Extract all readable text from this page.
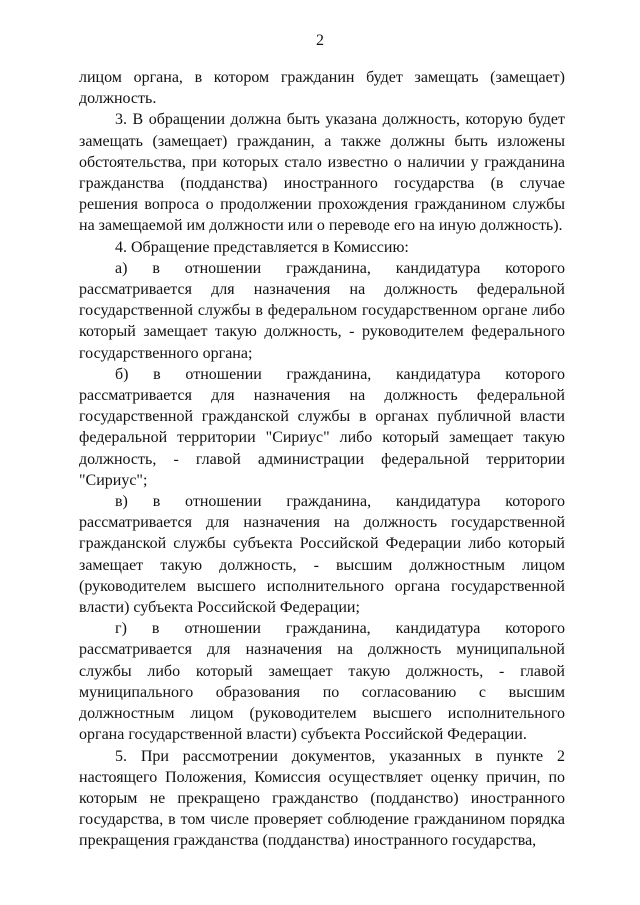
2

лицом органа, в котором гражданин будет замещать (замещает) должность.

3. В обращении должна быть указана должность, которую будет замещать (замещает) гражданин, а также должны быть изложены обстоятельства, при которых стало известно о наличии у гражданина гражданства (подданства) иностранного государства (в случае решения вопроса о продолжении прохождения гражданином службы на замещаемой им должности или о переводе его на иную должность).

4. Обращение представляется в Комиссию:

а) в отношении гражданина, кандидатура которого рассматривается для назначения на должность федеральной государственной службы в федеральном государственном органе либо который замещает такую должность, - руководителем федерального государственного органа;

б) в отношении гражданина, кандидатура которого рассматривается для назначения на должность федеральной государственной гражданской службы в органах публичной власти федеральной территории "Сириус" либо который замещает такую должность, - главой администрации федеральной территории "Сириус";

в) в отношении гражданина, кандидатура которого рассматривается для назначения на должность государственной гражданской службы субъекта Российской Федерации либо который замещает такую должность, - высшим должностным лицом (руководителем высшего исполнительного органа государственной власти) субъекта Российской Федерации;

г) в отношении гражданина, кандидатура которого рассматривается для назначения на должность муниципальной службы либо который замещает такую должность, - главой муниципального образования по согласованию с высшим должностным лицом (руководителем высшего исполнительного органа государственной власти) субъекта Российской Федерации.

5. При рассмотрении документов, указанных в пункте 2 настоящего Положения, Комиссия осуществляет оценку причин, по которым не прекращено гражданство (подданство) иностранного государства, в том числе проверяет соблюдение гражданином порядка прекращения гражданства (подданства) иностранного государства,
